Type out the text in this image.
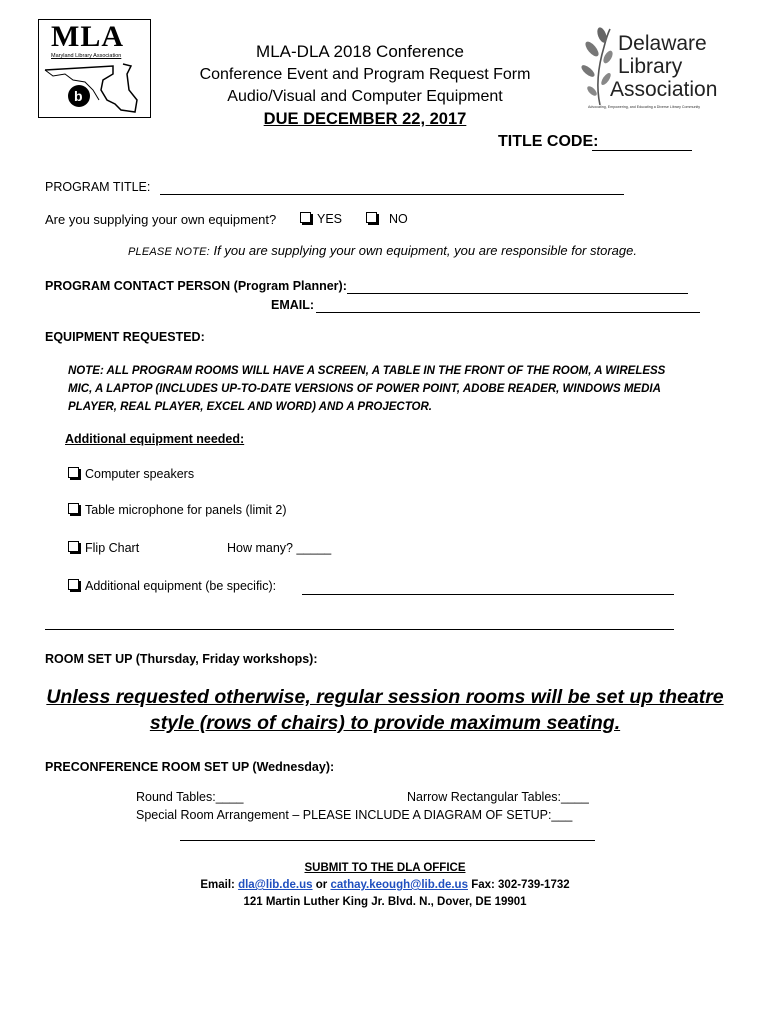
MLA
Maryland Library Association
b
Delaware
Library
Association
Advocating, Empowering, and Educating a Diverse Library Community
MLA-DLA 2018 Conference
Conference Event and Program Request Form
Audio/Visual and Computer Equipment
DUE DECEMBER 22, 2017
TITLE CODE:
PROGRAM TITLE:
Are you supplying your own equipment?	YES	NO
PLEASE NOTE: If you are supplying your own equipment, you are responsible for storage.
PROGRAM CONTACT PERSON (Program Planner):
EMAIL:
EQUIPMENT REQUESTED:
NOTE: ALL PROGRAM ROOMS WILL HAVE A SCREEN, A TABLE IN THE FRONT OF THE ROOM, A WIRELESS
MIC, A LAPTOP (INCLUDES UP-TO-DATE VERSIONS OF POWER POINT, ADOBE READER, WINDOWS MEDIA
PLAYER, REAL PLAYER, EXCEL AND WORD) AND A PROJECTOR.
Additional equipment needed:
Computer speakers
Table microphone for panels (limit 2)
Flip Chart	How many? _____
Additional equipment (be specific):
ROOM SET UP (Thursday, Friday workshops):
Unless requested otherwise, regular session rooms will be set up theatre
style (rows of chairs) to provide maximum seating.
PRECONFERENCE ROOM SET UP (Wednesday):
Round Tables:____	Narrow Rectangular Tables:____
Special Room Arrangement – PLEASE INCLUDE A DIAGRAM OF SETUP:___
SUBMIT TO THE DLA OFFICE
Email: dla@lib.de.us or cathay.keough@lib.de.us Fax: 302-739-1732
121 Martin Luther King Jr. Blvd. N., Dover, DE 19901
